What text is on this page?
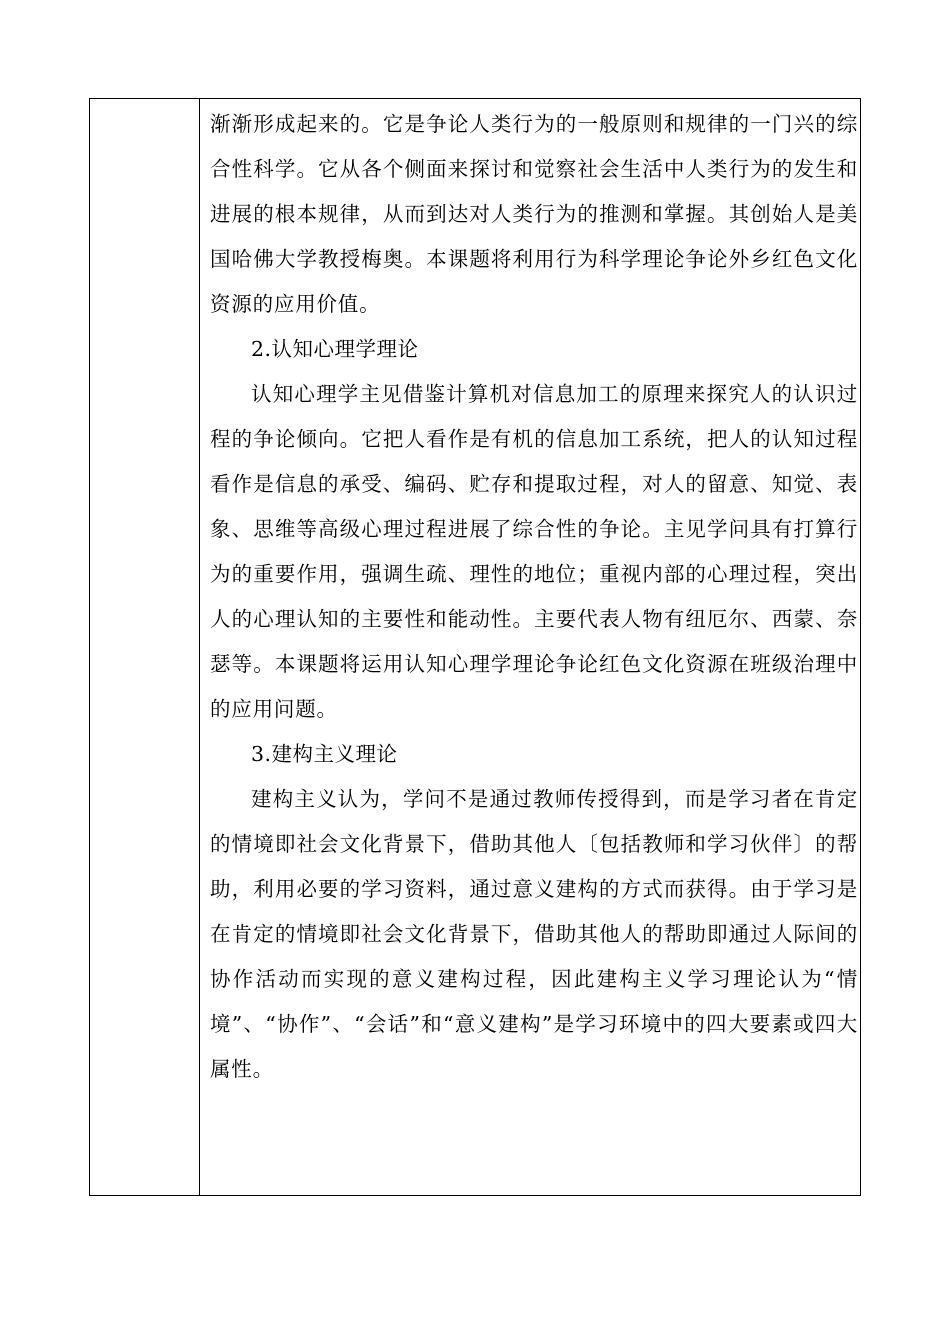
渐渐形成起来的。它是争论人类行为的一般原则和规律的一门兴的综合性科学。它从各个侧面来探讨和觉察社会生活中人类行为的发生和进展的根本规律，从而到达对人类行为的推测和掌握。其创始人是美国哈佛大学教授梅奥。本课题将利用行为科学理论争论外乡红色文化资源的应用价值。

2.认知心理学理论

认知心理学主见借鉴计算机对信息加工的原理来探究人的认识过程的争论倾向。它把人看作是有机的信息加工系统，把人的认知过程看作是信息的承受、编码、贮存和提取过程，对人的留意、知觉、表象、思维等高级心理过程进展了综合性的争论。主见学问具有打算行为的重要作用，强调生疏、理性的地位；重视内部的心理过程，突出人的心理认知的主要性和能动性。主要代表人物有纽厄尔、西蒙、奈瑟等。本课题将运用认知心理学理论争论红色文化资源在班级治理中的应用问题。

3.建构主义理论

建构主义认为，学问不是通过教师传授得到，而是学习者在肯定的情境即社会文化背景下，借助其他人〔包括教师和学习伙伴〕的帮助，利用必要的学习资料，通过意义建构的方式而获得。由于学习是在肯定的情境即社会文化背景下，借助其他人的帮助即通过人际间的协作活动而实现的意义建构过程，因此建构主义学习理论认为“情境”、“协作”、“会话”和“意义建构”是学习环境中的四大要素或四大属性。
